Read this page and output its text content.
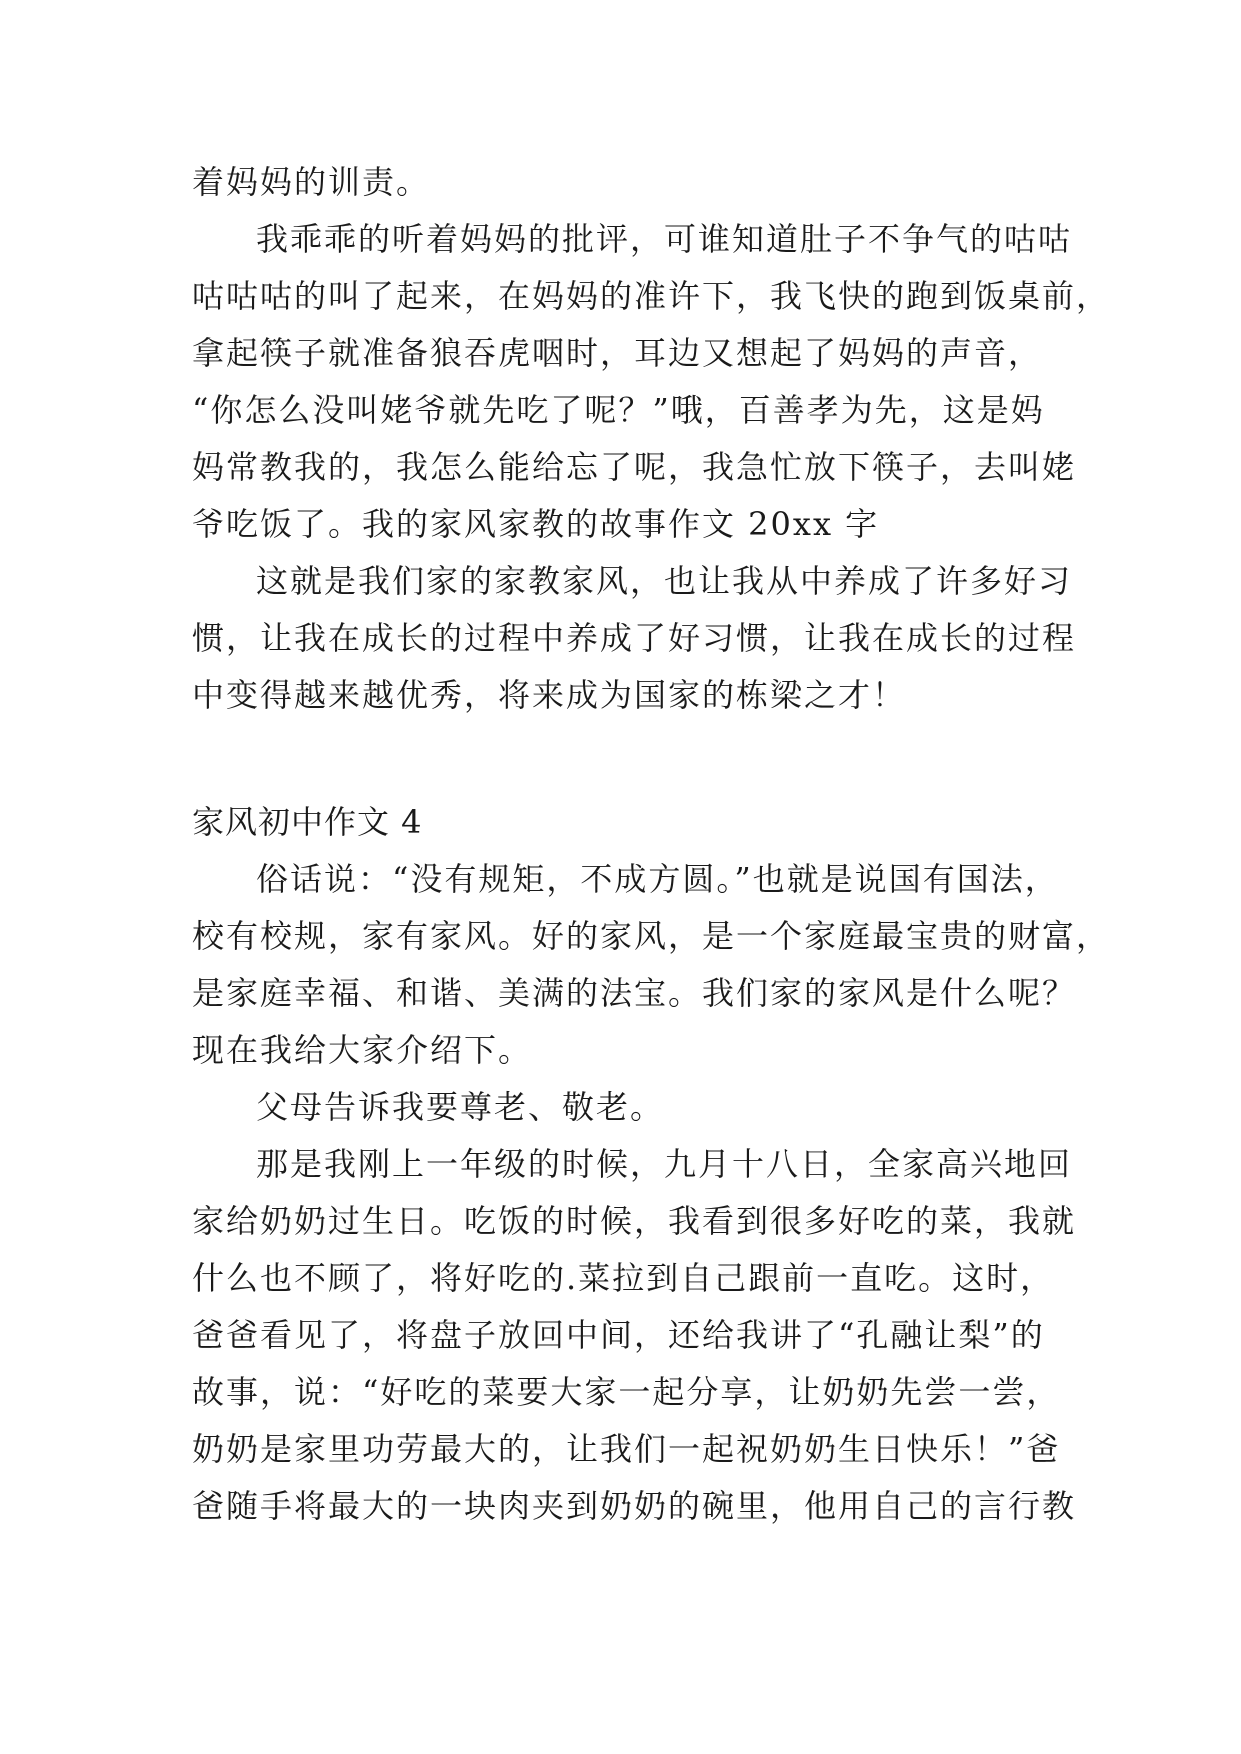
着妈妈的训责。
我乖乖的听着妈妈的批评，可谁知道肚子不争气的咕咕
咕咕咕的叫了起来，在妈妈的准许下，我飞快的跑到饭桌前，
拿起筷子就准备狼吞虎咽时，耳边又想起了妈妈的声音，
“你怎么没叫姥爷就先吃了呢？”哦，百善孝为先，这是妈
妈常教我的，我怎么能给忘了呢，我急忙放下筷子，去叫姥
爷吃饭了。我的家风家教的故事作文 20xx 字
这就是我们家的家教家风，也让我从中养成了许多好习
惯，让我在成长的过程中养成了好习惯，让我在成长的过程
中变得越来越优秀，将来成为国家的栋梁之才！
家风初中作文 4
俗话说：“没有规矩，不成方圆。”也就是说国有国法，
校有校规，家有家风。好的家风，是一个家庭最宝贵的财富，
是家庭幸福、和谐、美满的法宝。我们家的家风是什么呢？
现在我给大家介绍下。
父母告诉我要尊老、敬老。
那是我刚上一年级的时候，九月十八日，全家高兴地回
家给奶奶过生日。吃饭的时候，我看到很多好吃的菜，我就
什么也不顾了，将好吃的.菜拉到自己跟前一直吃。这时，
爸爸看见了，将盘子放回中间，还给我讲了“孔融让梨”的
故事，说：“好吃的菜要大家一起分享，让奶奶先尝一尝，
奶奶是家里功劳最大的，让我们一起祝奶奶生日快乐！”爸
爸随手将最大的一块肉夹到奶奶的碗里，他用自己的言行教
